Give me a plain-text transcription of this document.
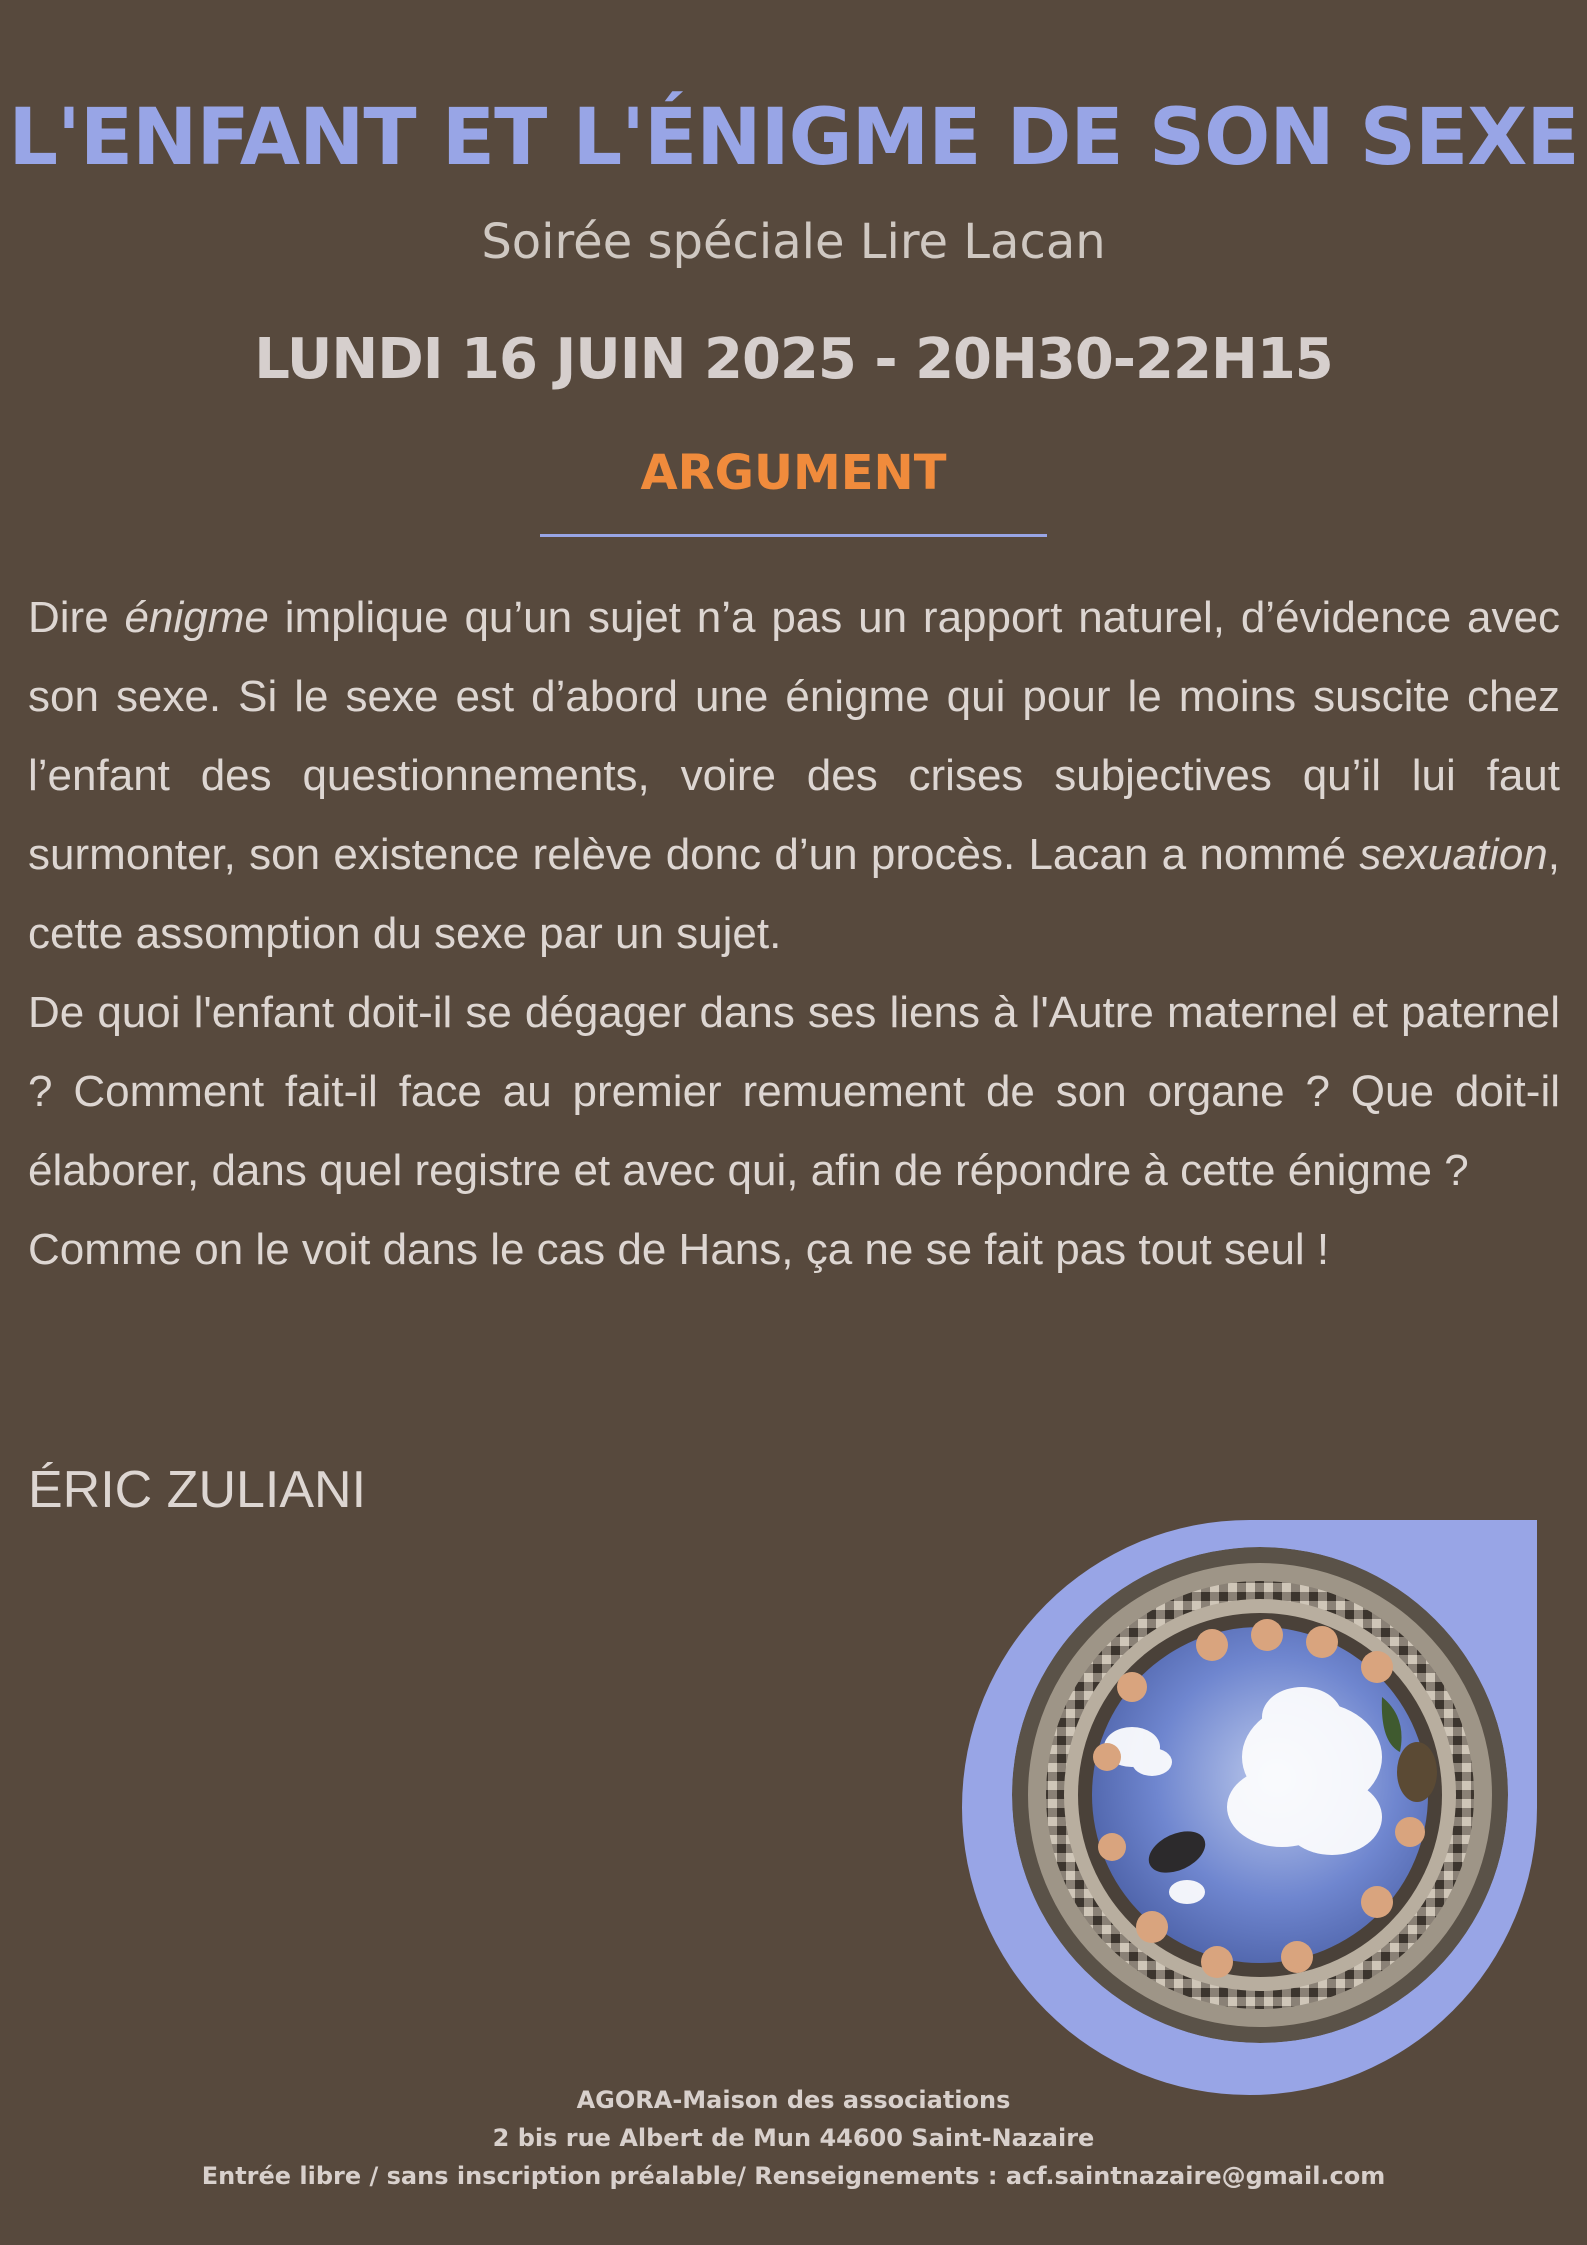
L'ENFANT ET L'ÉNIGME DE SON SEXE
Soirée spéciale Lire Lacan
LUNDI 16 JUIN 2025 - 20H30-22H15
ARGUMENT

Dire énigme implique qu’un sujet n’a pas un rapport naturel, d’évidence avec son sexe. Si le sexe est d’abord une énigme qui pour le moins suscite chez l’enfant des questionnements, voire des crises subjectives qu’il lui faut surmonter, son existence relève donc d’un procès. Lacan a nommé sexuation, cette assomption du sexe par un sujet.

De quoi l'enfant doit-il se dégager dans ses liens à l'Autre maternel et paternel ? Comment fait-il face au premier remuement de son organe ? Que doit-il élaborer, dans quel registre et avec qui, afin de répondre à cette énigme ?

Comme on le voit dans le cas de Hans, ça ne se fait pas tout seul !

ÉRIC ZULIANI
AGORA-Maison des associations
2 bis rue Albert de Mun 44600 Saint-Nazaire
Entrée libre / sans inscription préalable/ Renseignements : acf.saintnazaire@gmail.com
